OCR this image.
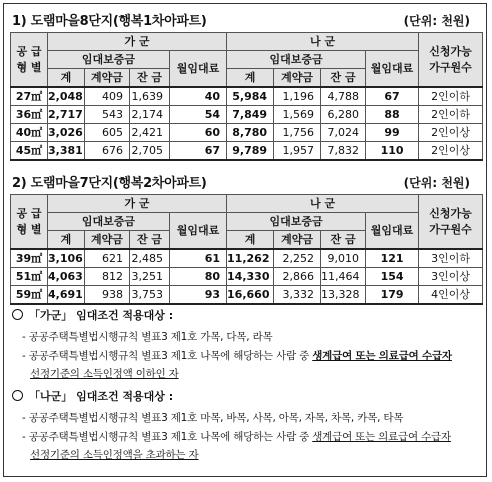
1) 도램마을8단지(행복1차아파트)	(단위: 천원)
공 급
형 별	가 군				나 군				신청가능
가구원수
	임대보증금			월임대료	임대보증금			월임대료	
	계	계약금	잔 금		계	계약금	잔 금		
27㎡	2,048	409	1,639	40	5,984	1,196	4,788	67	2인이하
36㎡	2,717	543	2,174	54	7,849	1,569	6,280	88	2인이하
40㎡	3,026	605	2,421	60	8,780	1,756	7,024	99	2인이상
45㎡	3,381	676	2,705	67	9,789	1,957	7,832	110	2인이상
2) 도램마을7단지(행복2차아파트)	(단위: 천원)
공 급
형 별	가 군				나 군				신청가능
가구원수
	임대보증금			월임대료	임대보증금			월임대료	
	계	계약금	잔 금		계	계약금	잔 금		
39㎡	3,106	621	2,485	61	11,262	2,252	9,010	121	3인이하
51㎡	4,063	812	3,251	80	14,330	2,866	11,464	154	3인이상
59㎡	4,691	938	3,753	93	16,660	3,332	13,328	179	4인이상
「가군」 임대조건 적용대상 :
- 공공주택특별법시행규칙 별표3 제1호 가목, 다목, 라목
- 공공주택특별법시행규칙 별표3 제1호 나목에 해당하는 사람 중 생계급여 또는 의료급여 수급자
선정기준의 소득인정액 이하인 자
「나군」 임대조건 적용대상 :
- 공공주택특별법시행규칙 별표3 제1호 마목, 바목, 사목, 아목, 자목, 차목, 카목, 타목
- 공공주택특별법시행규칙 별표3 제1호 나목에 해당하는 사람 중 생계급여 또는 의료급여 수급자
선정기준의 소득인정액을 초과하는 자
